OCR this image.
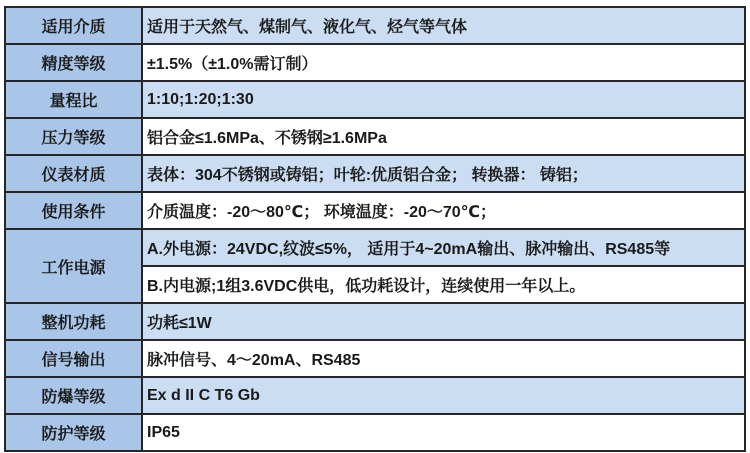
适用介质	适用于天然气、煤制气、液化气、烃气等气体
精度等级	±1.5%（±1.0%需订制）
量程比	1:10;1:20;1:30
压力等级	铝合金≤1.6MPa、不锈钢≥1.6MPa
仪表材质	表体：304不锈钢或铸铝；叶轮:优质铝合金； 转换器： 铸铝；
使用条件	介质温度：-20～80℃； 环境温度：-20～70℃；
工作电源	A.外电源：24VDC,纹波≤5%， 适用于4~20mA输出、脉冲输出、RS485等
	B.内电源;1组3.6VDC供电，低功耗设计，连续使用一年以上。
整机功耗	功耗≤1W
信号输出	脉冲信号、4～20mA、RS485
防爆等级	Ex d II C T6 Gb
防护等级	IP65
